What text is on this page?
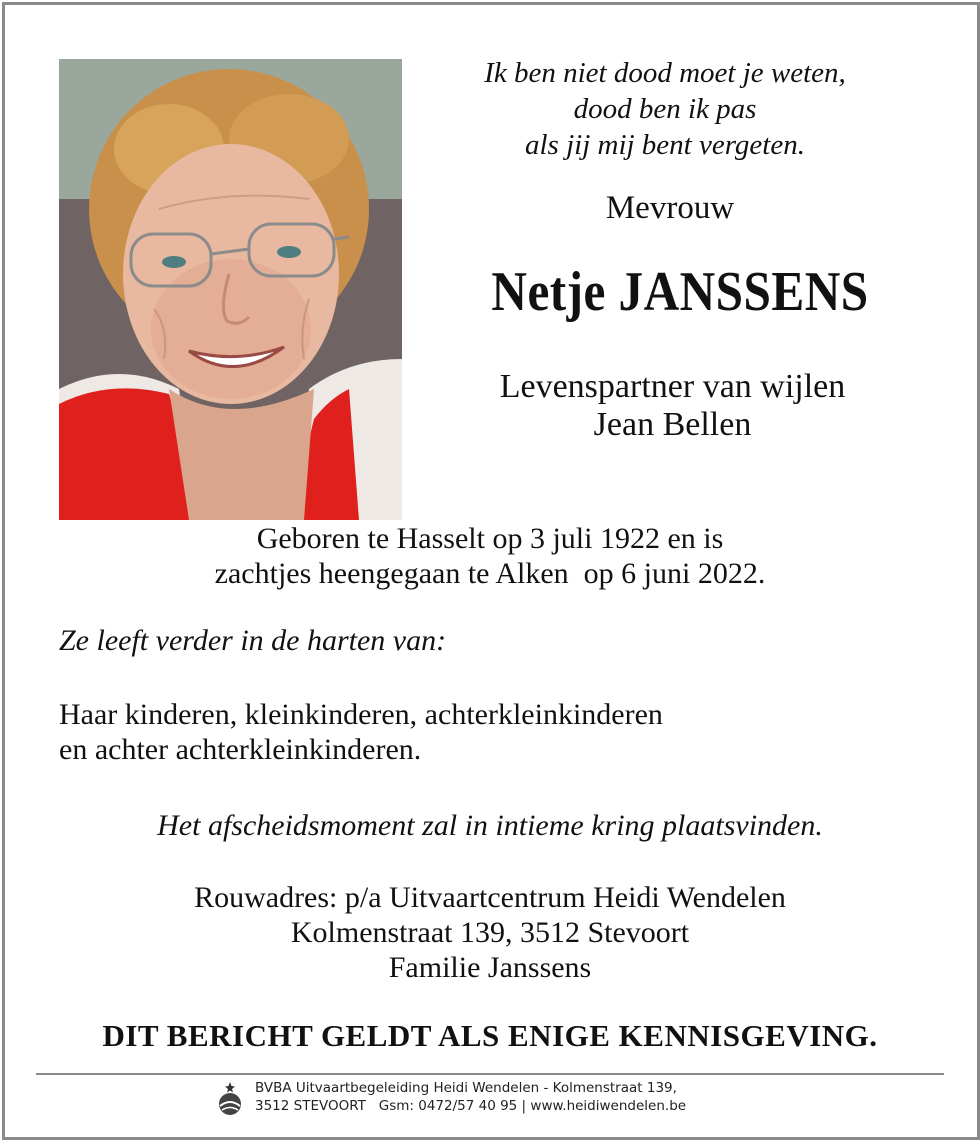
Ik ben niet dood moet je weten,
dood ben ik pas
als jij mij bent vergeten.
Mevrouw
Netje JANSSENS
Levenspartner van wijlen
Jean Bellen
Geboren te Hasselt op 3 juli 1922 en is
zachtjes heengegaan te Alken  op 6 juni 2022.
Ze leeft verder in de harten van:
Haar kinderen, kleinkinderen, achterkleinkinderen
en achter achterkleinkinderen.
Het afscheidsmoment zal in intieme kring plaatsvinden.
Rouwadres: p/a Uitvaartcentrum Heidi Wendelen
Kolmenstraat 139, 3512 Stevoort
Familie Janssens
DIT BERICHT GELDT ALS ENIGE KENNISGEVING.
BVBA Uitvaartbegeleiding Heidi Wendelen - Kolmenstraat 139,
3512 STEVOORT   Gsm: 0472/57 40 95 | www.heidiwendelen.be
